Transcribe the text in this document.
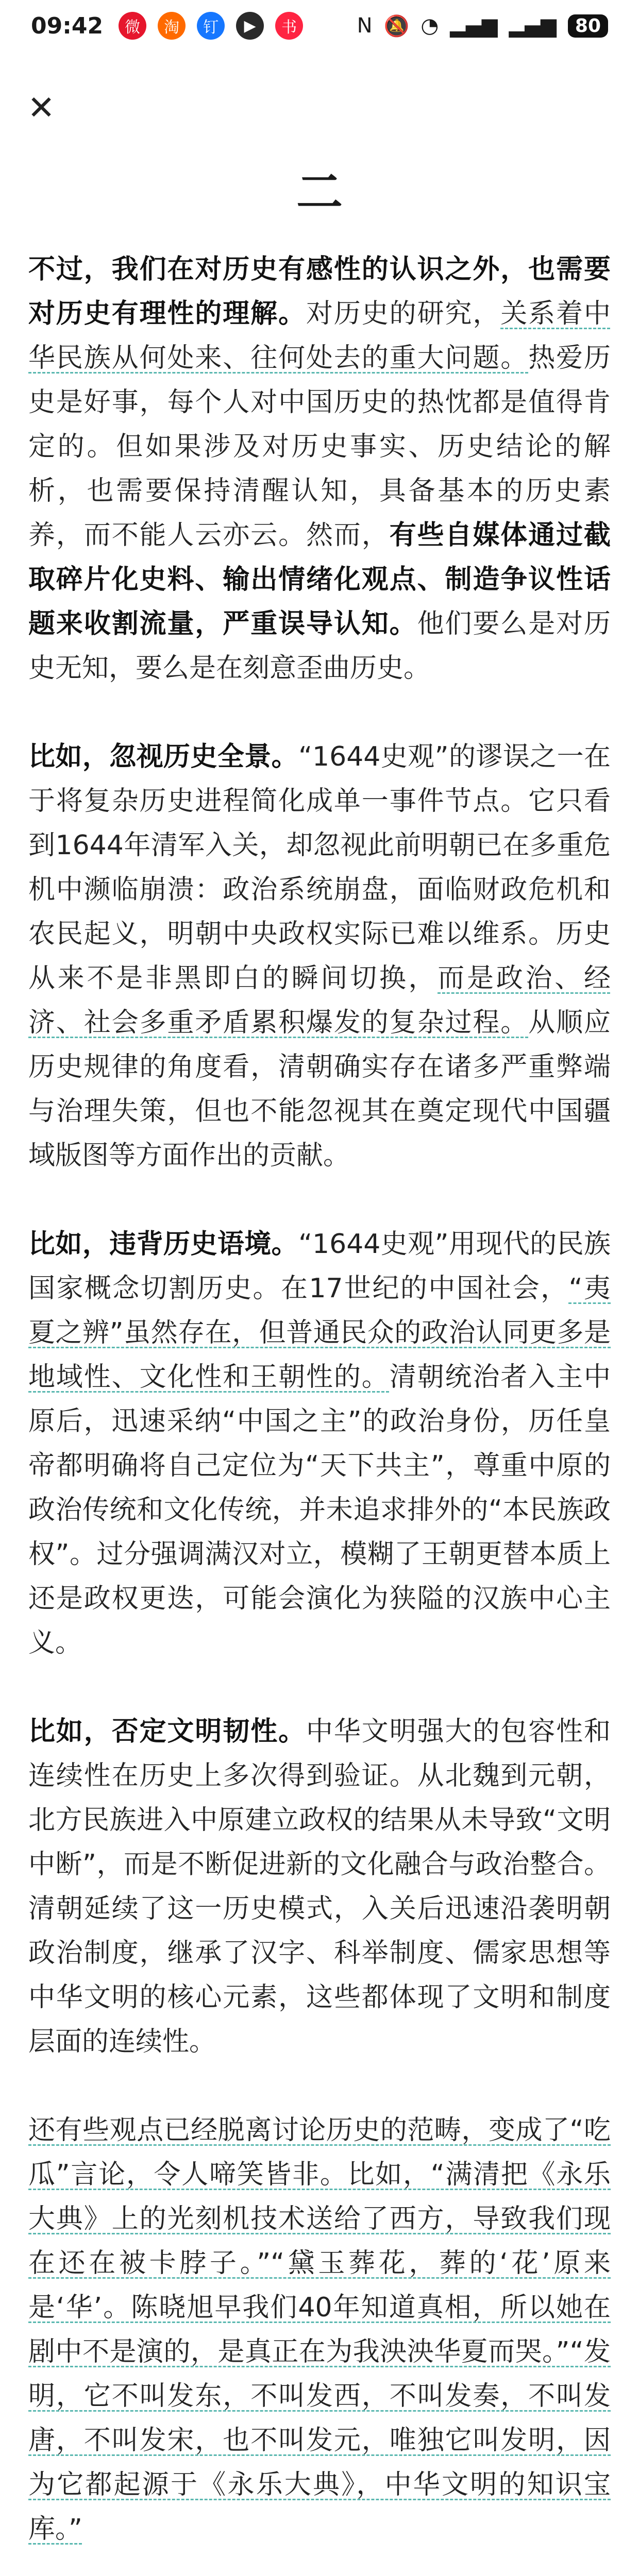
09:42	微	淘	钉	▶	书	N 🔕 ◔ ▂▄▆ ▂▄▆	80
✕
二

不过，我们在对历史有感性的认识之外，也需要对历史有理性的理解。对历史的研究，关系着中华民族从何处来、往何处去的重大问题。热爱历史是好事，每个人对中国历史的热忱都是值得肯定的。但如果涉及对历史事实、历史结论的解析，也需要保持清醒认知，具备基本的历史素养，而不能人云亦云。然而，有些自媒体通过截取碎片化史料、输出情绪化观点、制造争议性话题来收割流量，严重误导认知。他们要么是对历史无知，要么是在刻意歪曲历史。

比如，忽视历史全景。“1644史观”的谬误之一在于将复杂历史进程简化成单一事件节点。它只看到1644年清军入关，却忽视此前明朝已在多重危机中濒临崩溃：政治系统崩盘，面临财政危机和农民起义，明朝中央政权实际已难以维系。历史从来不是非黑即白的瞬间切换，而是政治、经济、社会多重矛盾累积爆发的复杂过程。从顺应历史规律的角度看，清朝确实存在诸多严重弊端与治理失策，但也不能忽视其在奠定现代中国疆域版图等方面作出的贡献。

比如，违背历史语境。“1644史观”用现代的民族国家概念切割历史。在17世纪的中国社会，“夷夏之辨”虽然存在，但普通民众的政治认同更多是地域性、文化性和王朝性的。清朝统治者入主中原后，迅速采纳“中国之主”的政治身份，历任皇帝都明确将自己定位为“天下共主”，尊重中原的政治传统和文化传统，并未追求排外的“本民族政权”。过分强调满汉对立，模糊了王朝更替本质上还是政权更迭，可能会演化为狭隘的汉族中心主义。

比如，否定文明韧性。中华文明强大的包容性和连续性在历史上多次得到验证。从北魏到元朝，北方民族进入中原建立政权的结果从未导致“文明中断”，而是不断促进新的文化融合与政治整合。清朝延续了这一历史模式，入关后迅速沿袭明朝政治制度，继承了汉字、科举制度、儒家思想等中华文明的核心元素，这些都体现了文明和制度层面的连续性。

还有些观点已经脱离讨论历史的范畴，变成了“吃瓜”言论，令人啼笑皆非。比如，“满清把《永乐大典》上的光刻机技术送给了西方，导致我们现在还在被卡脖子。”“黛玉葬花，葬的‘花’原来是‘华’。陈晓旭早我们40年知道真相，所以她在剧中不是演的，是真正在为我泱泱华夏而哭。”“发明，它不叫发东，不叫发西，不叫发奏，不叫发唐，不叫发宋，也不叫发元，唯独它叫发明，因为它都起源于《永乐大典》，中华文明的知识宝库。”
